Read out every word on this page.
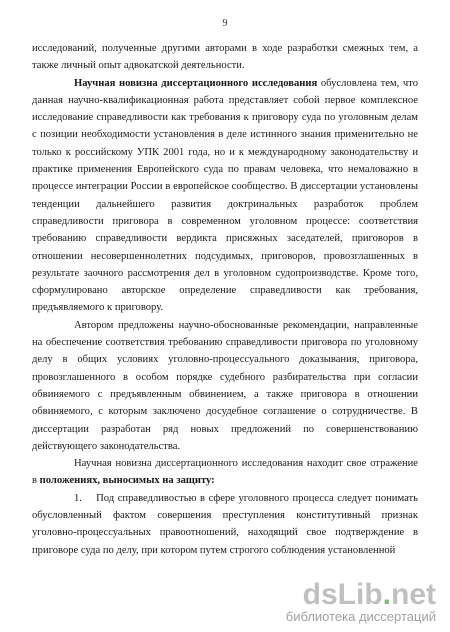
9

исследований, полученные другими авторами в ходе разработки смежных тем, а также личный опыт адвокатской деятельности.

Научная новизна диссертационного исследования обусловлена тем, что данная научно-квалификационная работа представляет собой первое комплексное исследование справедливости как требования к приговору суда по уголовным делам с позиции необходимости установления в деле истинного знания применительно не только к российскому УПК 2001 года, но и к международному законодательству и практике применения Европейского суда по правам человека, что немаловажно в процессе интеграции России в европейское сообщество. В диссертации установлены тенденции дальнейшего развития доктринальных разработок проблем справедливости приговора в современном уголовном процессе: соответствия требованию справедливости вердикта присяжных заседателей, приговоров в отношении несовершеннолетних подсудимых, приговоров, провозглашенных в результате заочного рассмотрения дел в уголовном судопроизводстве. Кроме того, сформулировано авторское определение справедливости как требования, предъявляемого к приговору.

Автором предложены научно-обоснованные рекомендации, направленные на обеспечение соответствия требованию справедливости приговора по уголовному делу в общих условиях уголовно-процессуального доказывания, приговора, провозглашенного в особом порядке судебного разбирательства при согласии обвиняемого с предъявленным обвинением, а также приговора в отношении обвиняемого, с которым заключено досудебное соглашение о сотрудничестве. В диссертации разработан ряд новых предложений по совершенствованию действующего законодательства.

Научная новизна диссертационного исследования находит свое отражение в положениях, выносимых на защиту:

1.    Под справедливостью в сфере уголовного процесса следует понимать обусловленный фактом совершения преступления конститутивный признак уголовно-процессуальных правоотношений, находящий свое подтверждение в приговоре суда по делу, при котором путем строгого соблюдения установленной

dsLib.net
библиотека диссертаций
